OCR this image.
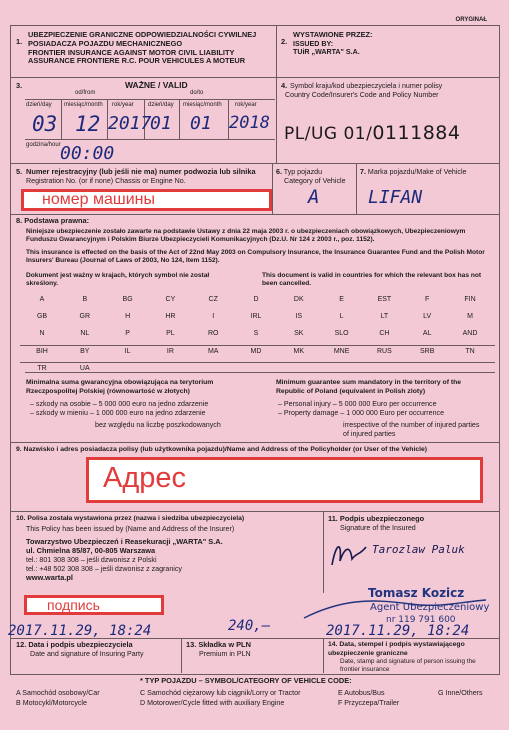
ORYGINAŁ
1.
UBEZPIECZENIE GRANICZNE ODPOWIEDZIALNOŚCI CYWILNEJ
POSIADACZA POJAZDU MECHANICZNEGO
FRONTIER INSURANCE AGAINST MOTOR CIVIL LIABILITY
ASSURANCE FRONTIERE R.C. POUR VEHICULES A MOTEUR
2.
WYSTAWIONE PRZEZ:
ISSUED BY:
TUiR „WARTA" S.A.
3.	WAŻNE / VALID
od/from	do/to
dzień/day miesiąc/month rok/year dzień/day miesiąc/month rok/year
03 12 2017
01 01 2018
godzina/hour 00:00
4. Symbol kraju/kod ubezpieczyciela i numer polisy
Country Code/Insurer's Code and Policy Number
PL/UG 01/0111884
5. Numer rejestracyjny (lub jeśli nie ma) numer podwozia lub silnika
Registration No. (or if none) Chassis or Engine No.
номер машины
6. Typ pojazdu
Category of Vehicle
A
7. Marka pojazdu/Make of Vehicle
LIFAN
8. Podstawa prawna:
Niniejsze ubezpieczenie zostało zawarte na podstawie Ustawy z dnia 22 maja 2003 r. o ubezpieczeniach obowiązkowych, Ubezpieczeniowym Funduszu Gwarancyjnym i Polskim Biurze Ubezpieczycieli Komunikacyjnych (Dz.U. Nr 124 z 2003 r., poz. 1152).
This insurance is effected on the basis of the Act of 22nd May 2003 on Compulsory Insurance, the Insurance Guarantee Fund and the Polish Motor Insurers' Bureau (Journal of Laws of 2003, No 124, Item 1152).
Dokument jest ważny w krajach, których symbol nie został skreślony.
This document is valid in countries for which the relevant box has not been cancelled.
A	B	BG	CY	CZ	D	DK	E	EST	F	FIN
GB	GR	H	HR	I	IRL	IS	L	LT	LV	M
N	NL	P	PL	RO	S	SK	SLO	CH	AL	AND
BIH	BY	IL	IR	MA	MD	MK	MNE	RUS	SRB	TN
TR	UA
Minimalna suma gwarancyjna obowiązująca na terytorium Rzeczpospolitej Polskiej (równowartość w złotych)
– szkody na osobie – 5 000 000 euro na jedno zdarzenie
– szkody w mieniu – 1 000 000 euro na jedno zdarzenie
bez względu na liczbę poszkodowanych
Minimum guarantee sum mandatory in the territory of the Republic of Poland (equivalent in Polish zloty)
– Personal injury – 5 000 000 Euro per occurrence
– Property damage – 1 000 000 Euro per occurrence
irrespective of the number of injured parties
of injured parties
9. Nazwisko i adres posiadacza polisy (lub użytkownika pojazdu)/Name and Address of the Policyholder (or User of the Vehicle)
Адрес
10. Polisa została wystawiona przez (nazwa i siedziba ubezpieczyciela)
This Policy has been issued by (Name and Address of the Insurer)
Towarzystwo Ubezpieczeń i Reasekuracji „WARTA" S.A.
ul. Chmielna 85/87, 00-805 Warszawa
tel.: 801 308 308 – jeśli dzwonisz z Polski
tel.: +48 502 308 308 – jeśli dzwonisz z zagranicy
www.warta.pl
11. Podpis ubezpieczonego
Signature of the Insured
Tarozlaw Paluk
подпись
Tomasz Kozicz
Agent Ubezpieczeniowy
nr 119 791 600
2017.11.29, 18:24	240,–	2017.11.29, 18:24
12. Data i podpis ubezpieczyciela
Date and signature of Insuring Party
13. Składka w PLN
Premium in PLN
14. Data, stempel i podpis wystawiającego ubezpieczenie graniczne
Date, stamp and signature of person issuing the frontier insurance
* TYP POJAZDU – SYMBOL/CATEGORY OF VEHICLE CODE:
A Samochód osobowy/Car
B Motocykl/Motorcycle
C Samochód ciężarowy lub ciągnik/Lorry or Tractor
D Motorower/Cycle fitted with auxiliary Engine
E Autobus/Bus
F Przyczepa/Trailer
G Inne/Others
